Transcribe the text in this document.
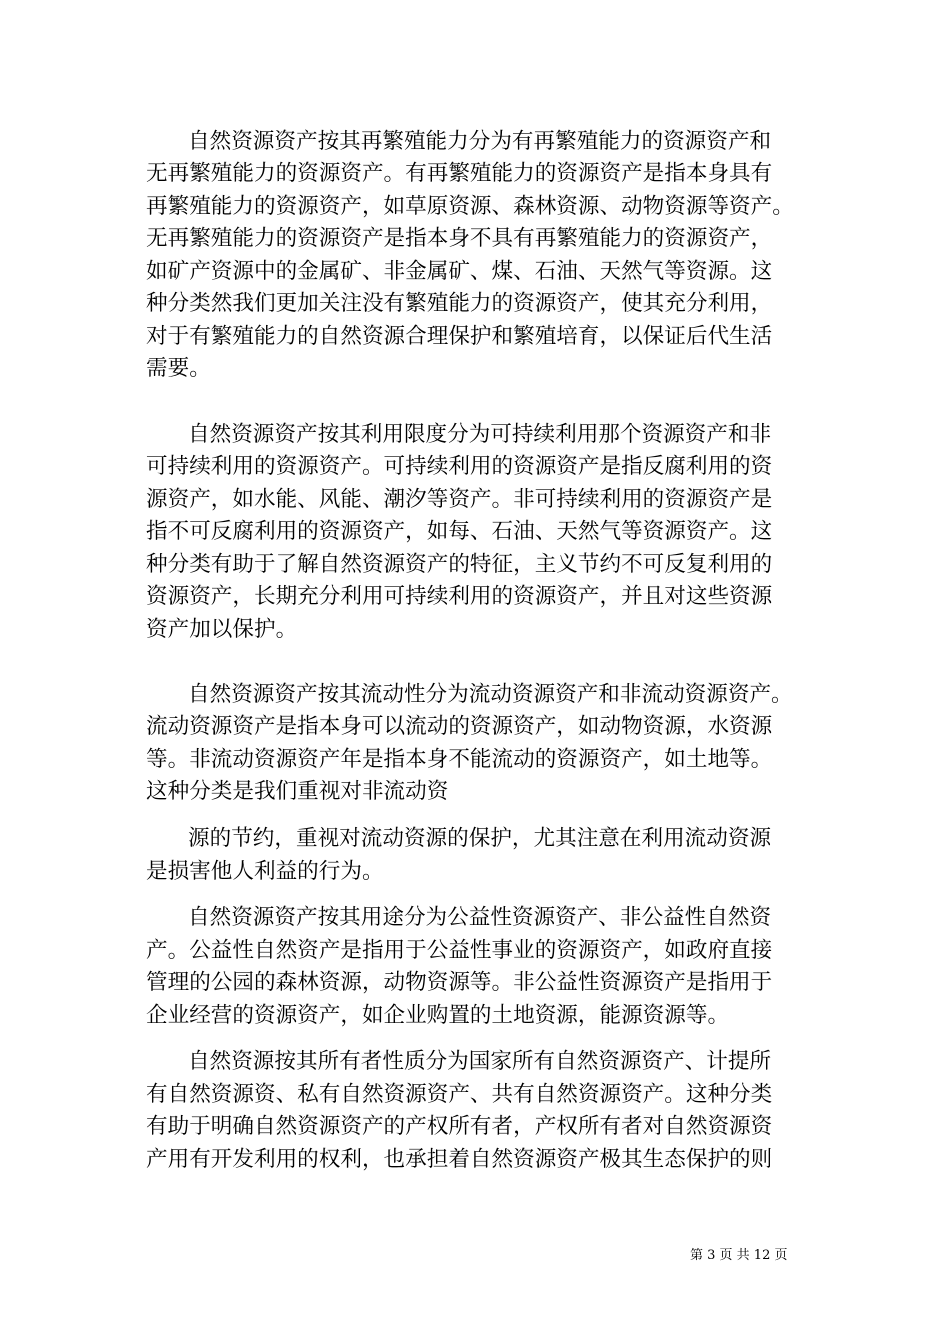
自然资源资产按其再繁殖能力分为有再繁殖能力的资源资产和
无再繁殖能力的资源资产。有再繁殖能力的资源资产是指本身具有
再繁殖能力的资源资产，如草原资源、森林资源、动物资源等资产。
无再繁殖能力的资源资产是指本身不具有再繁殖能力的资源资产，
如矿产资源中的金属矿、非金属矿、煤、石油、天然气等资源。这
种分类然我们更加关注没有繁殖能力的资源资产，使其充分利用，
对于有繁殖能力的自然资源合理保护和繁殖培育，以保证后代生活
需要。
自然资源资产按其利用限度分为可持续利用那个资源资产和非
可持续利用的资源资产。可持续利用的资源资产是指反腐利用的资
源资产，如水能、风能、潮汐等资产。非可持续利用的资源资产是
指不可反腐利用的资源资产，如每、石油、天然气等资源资产。这
种分类有助于了解自然资源资产的特征，主义节约不可反复利用的
资源资产，长期充分利用可持续利用的资源资产，并且对这些资源
资产加以保护。
自然资源资产按其流动性分为流动资源资产和非流动资源资产。
流动资源资产是指本身可以流动的资源资产，如动物资源，水资源
等。非流动资源资产年是指本身不能流动的资源资产，如土地等。
这种分类是我们重视对非流动资
源的节约，重视对流动资源的保护，尤其注意在利用流动资源
是损害他人利益的行为。
自然资源资产按其用途分为公益性资源资产、非公益性自然资
产。公益性自然资产是指用于公益性事业的资源资产，如政府直接
管理的公园的森林资源，动物资源等。非公益性资源资产是指用于
企业经营的资源资产，如企业购置的土地资源，能源资源等。
自然资源按其所有者性质分为国家所有自然资源资产、计提所
有自然资源资、私有自然资源资产、共有自然资源资产。这种分类
有助于明确自然资源资产的产权所有者，产权所有者对自然资源资
产用有开发利用的权利，也承担着自然资源资产极其生态保护的则
第 3 页 共 12 页
